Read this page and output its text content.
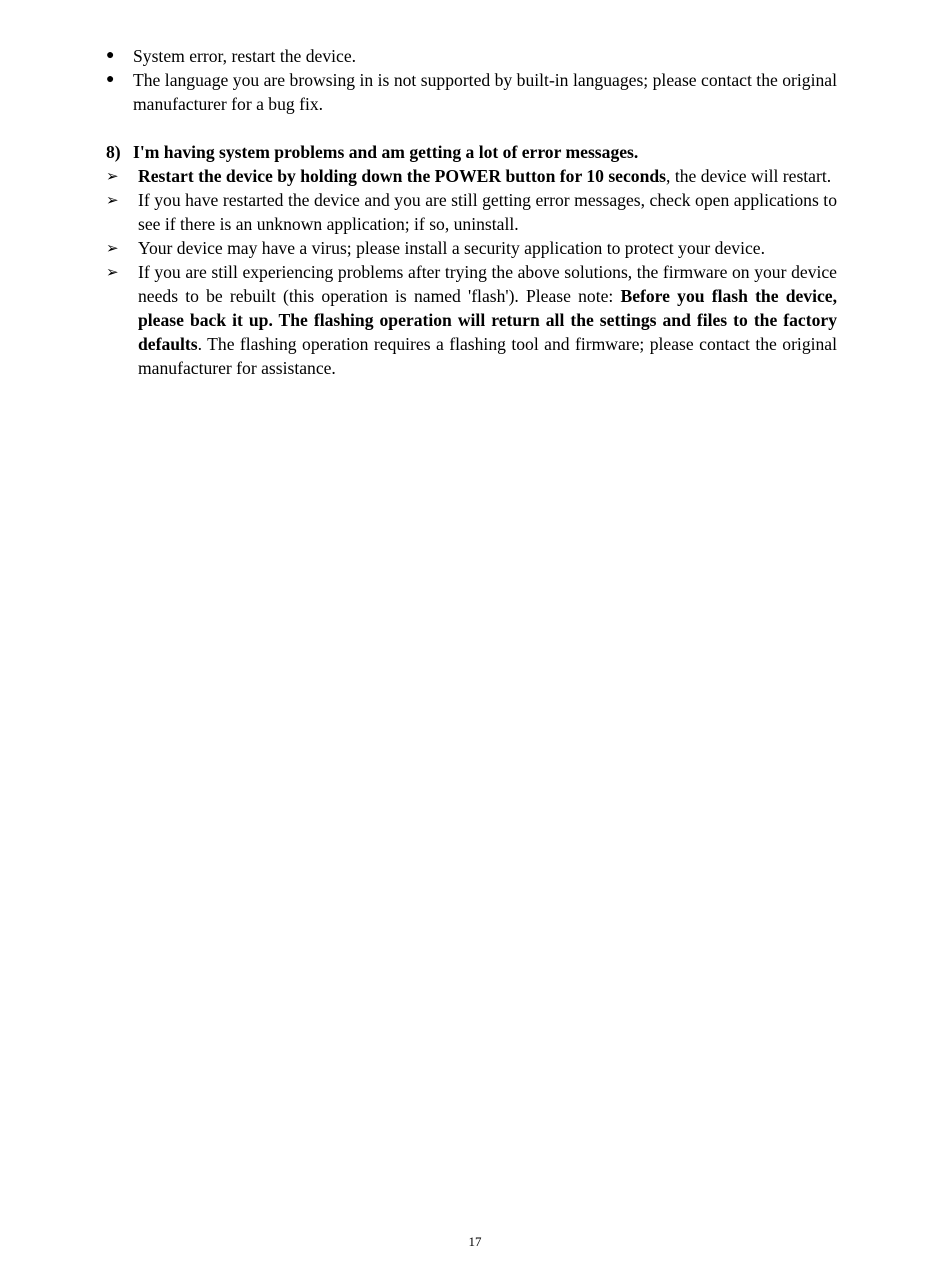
●	System error, restart the device.
●	The language you are browsing in is not supported by built-in languages; please contact the original manufacturer for a bug fix.
8) I'm having system problems and am getting a lot of error messages.
➢	Restart the device by holding down the POWER button for 10 seconds, the device will restart.
➢	If you have restarted the device and you are still getting error messages, check open applications to see if there is an unknown application; if so, uninstall.
➢	Your device may have a virus; please install a security application to protect your device.
➢	If you are still experiencing problems after trying the above solutions, the firmware on your device needs to be rebuilt (this operation is named 'flash'). Please note: Before you flash the device, please back it up. The flashing operation will return all the settings and files to the factory defaults. The flashing operation requires a flashing tool and firmware; please contact the original manufacturer for assistance.
17
